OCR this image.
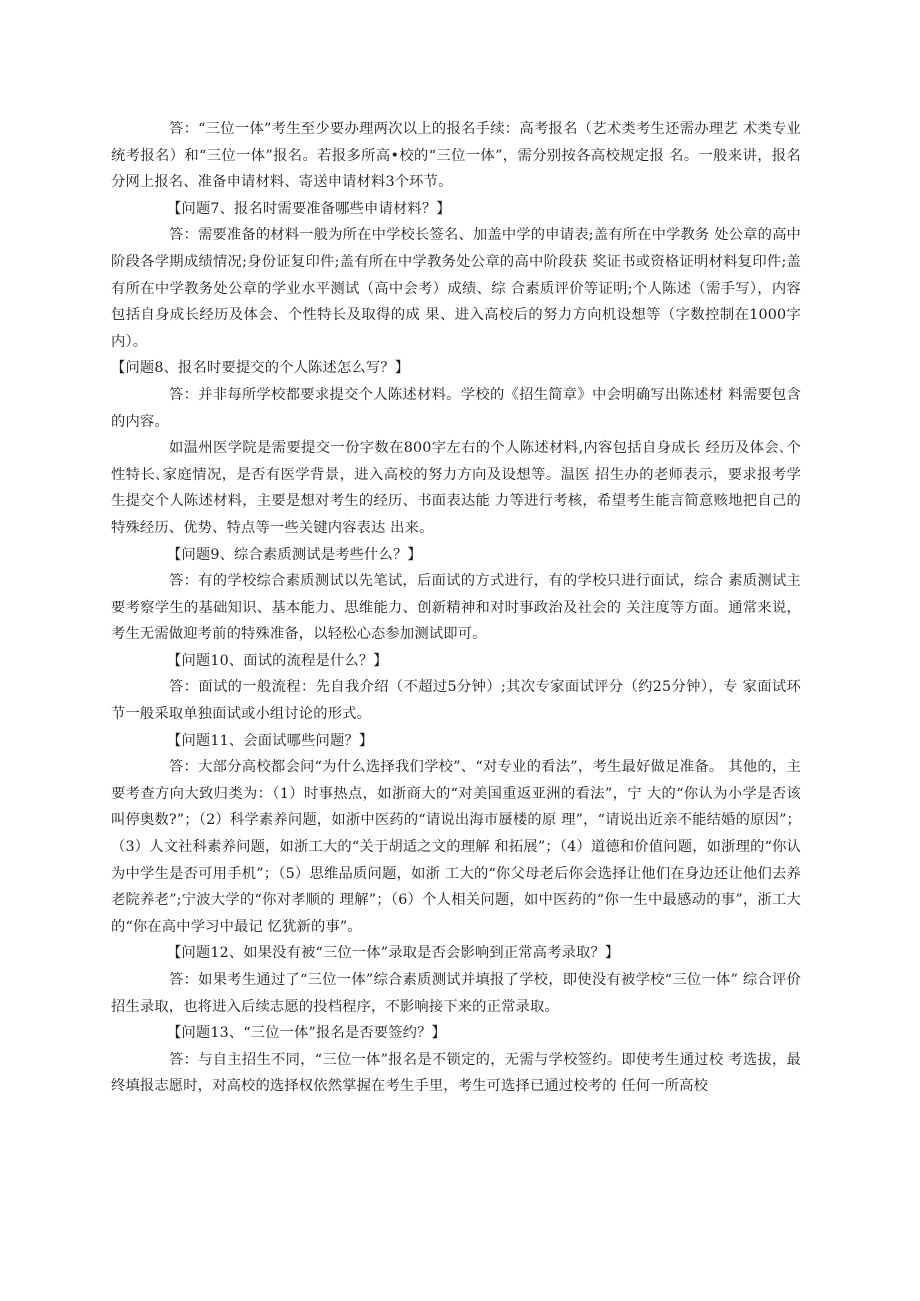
答：“三位一体”考生至少要办理两次以上的报名手续：高考报名（艺术类考生还需办理艺 术类专业统考报名）和“三位一体”报名。若报多所高•校的“三位一体”，需分别按各高校规定报 名。一般来讲，报名分网上报名、准备申请材料、寄送申请材料3个环节。

【问题7、报名时需要准备哪些申请材料？】

答：需要准备的材料一般为所在中学校长签名、加盖中学的申请表;盖有所在中学教务 处公章的高中阶段各学期成绩情况;身份证复印件;盖有所在中学教务处公章的高中阶段获 奖证书或资格证明材料复印件;盖有所在中学教务处公章的学业水平测试（高中会考）成绩、综 合素质评价等证明;个人陈述（需手写），内容包括自身成长经历及体会、个性特长及取得的成 果、进入高校后的努力方向机设想等（字数控制在1000字内）。

【问题8、报名时要提交的个人陈述怎么写？】

答：并非每所学校都要求提交个人陈述材料。学校的《招生简章》中会明确写出陈述材 料需要包含的内容。

如温州医学院是需要提交一份字数在800字左右的个人陈述材料,内容包括自身成长 经历及体会､个性特长､家庭情况，是否有医学背景，进入高校的努力方向及设想等。温医 招生办的老师表示，要求报考学生提交个人陈述材料，主要是想对考生的经历、书面表达能 力等进行考核，希望考生能言简意赅地把自己的特殊经历、优势、特点等一些关键内容表达 出来。

【问题9、综合素质测试是考些什么？】

答：有的学校综合素质测试以先笔试，后面试的方式进行，有的学校只进行面试，综合 素质测试主要考察学生的基础知识、基本能力、思维能力、创新精神和对时事政治及社会的 关注度等方面。通常来说，考生无需做迎考前的特殊准备，以轻松心态参加测试即可。

【问题10、面试的流程是什么？】

答：面试的一般流程：先自我介绍（不超过5分钟）;其次专家面试评分（约25分钟），专 家面试环节一般采取单独面试或小组讨论的形式。

【问题11、会面试哪些问题？】

答：大部分高校都会问“为什么选择我们学校”、“对专业的看法”，考生最好做足准备。 其他的，主要考查方向大致归类为：（1）时事热点，如浙商大的“对美国重返亚洲的看法”，宁 大的“你认为小学是否该叫停奥数?”；（2）科学素养问题，如浙中医药的“请说出海市蜃楼的原 理”，“请说出近亲不能结婚的原因”；（3）人文社科素养问题，如浙工大的“关于胡适之文的理解 和拓展”；（4）道德和价值问题，如浙理的“你认为中学生是否可用手机”；（5）思维品质问题，如浙 工大的“你父母老后你会选择让他们在身边还让他们去养老院养老”;宁波大学的“你对孝顺的 理解”；（6）个人相关问题，如中医药的“你一生中最感动的事”，浙工大的“你在高中学习中最记 忆犹新的事”。

【问题12、如果没有被“三位一体”录取是否会影响到正常高考录取？】

答：如果考生通过了“三位一体”综合素质测试并填报了学校，即使没有被学校“三位一体” 综合评价招生录取，也将进入后续志愿的投档程序，不影响接下来的正常录取。

【问题13、“三位一体”报名是否要签约？】

答：与自主招生不同，“三位一体”报名是不锁定的，无需与学校签约。即使考生通过校 考选拔，最终填报志愿时，对高校的选择权依然掌握在考生手里，考生可选择已通过校考的 任何一所高校
